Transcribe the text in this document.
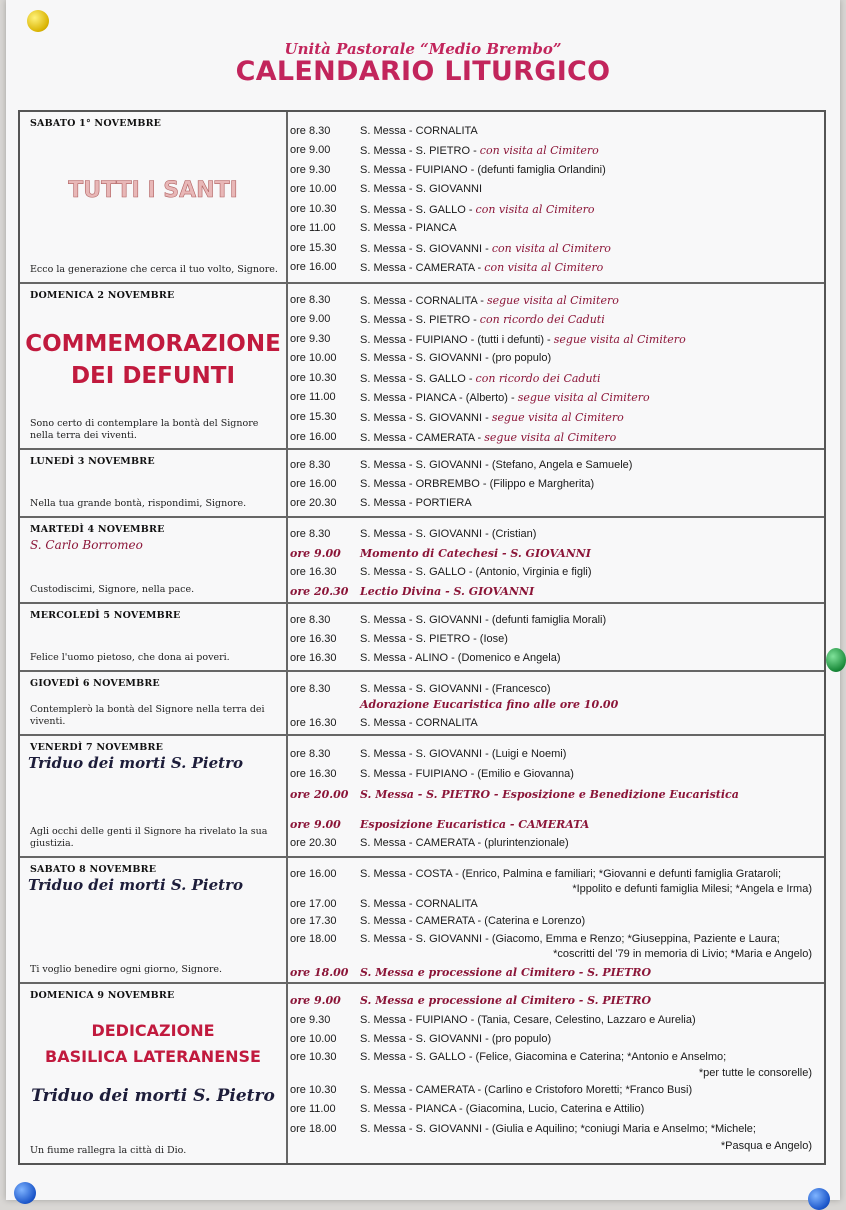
Unità Pastorale “Medio Brembo”
CALENDARIO LITURGICO
SABATO 1° NOVEMBRE
TUTTI I SANTI
Ecco la generazione che cerca il tuo volto, Signore.
ore 8.30	S. Messa - CORNALITA
ore 9.00	S. Messa - S. PIETRO - con visita al Cimitero
ore 9.30	S. Messa - FUIPIANO - (defunti famiglia Orlandini)
ore 10.00 S. Messa - S. GIOVANNI
ore 10.30 S. Messa - S. GALLO - con visita al Cimitero
ore 11.00 S. Messa - PIANCA
ore 15.30 S. Messa - S. GIOVANNI - con visita al Cimitero
ore 16.00 S. Messa - CAMERATA - con visita al Cimitero
DOMENICA 2 NOVEMBRE
COMMEMORAZIONE
DEI DEFUNTI
Sono certo di contemplare la bontà del Signore
nella terra dei viventi.
ore 8.30	S. Messa - CORNALITA - segue visita al Cimitero
ore 9.00	S. Messa - S. PIETRO - con ricordo dei Caduti
ore 9.30	S. Messa - FUIPIANO - (tutti i defunti) - segue visita al Cimitero
ore 10.00 S. Messa - S. GIOVANNI - (pro populo)
ore 10.30 S. Messa - S. GALLO - con ricordo dei Caduti
ore 11.00 S. Messa - PIANCA - (Alberto) - segue visita al Cimitero
ore 15.30 S. Messa - S. GIOVANNI - segue visita al Cimitero
ore 16.00 S. Messa - CAMERATA - segue visita al Cimitero
LUNEDÌ 3 NOVEMBRE
Nella tua grande bontà, rispondimi, Signore.
ore 8.30	S. Messa - S. GIOVANNI - (Stefano, Angela e Samuele)
ore 16.00 S. Messa - ORBREMBO - (Filippo e Margherita)
ore 20.30 S. Messa - PORTIERA
MARTEDÌ 4 NOVEMBRE
S. Carlo Borromeo
Custodiscimi, Signore, nella pace.
ore 8.30	S. Messa - S. GIOVANNI - (Cristian)
ore 9.00 Momento di Catechesi - S. GIOVANNI
ore 16.30 S. Messa - S. GALLO - (Antonio, Virginia e figli)
ore 20.30 Lectio Divina - S. GIOVANNI
MERCOLEDÌ 5 NOVEMBRE
Felice l'uomo pietoso, che dona ai poveri.
ore 8.30	S. Messa - S. GIOVANNI - (defunti famiglia Morali)
ore 16.30 S. Messa - S. PIETRO - (Iose)
ore 16.30 S. Messa - ALINO - (Domenico e Angela)
GIOVEDÌ 6 NOVEMBRE
Contemplerò la bontà del Signore nella terra dei viventi.
ore 8.30	S. Messa - S. GIOVANNI - (Francesco)
Adorazione Eucaristica fino alle ore 10.00
ore 16.30 S. Messa - CORNALITA
VENERDÌ 7 NOVEMBRE
Triduo dei morti S. Pietro
Agli occhi delle genti il Signore ha rivelato la sua giustizia.
ore 8.30	S. Messa - S. GIOVANNI - (Luigi e Noemi)
ore 16.30 S. Messa - FUIPIANO - (Emilio e Giovanna)
ore 20.00 S. Messa - S. PIETRO - Esposizione e Benedizione Eucaristica
ore 9.00 Esposizione Eucaristica - CAMERATA
ore 20.30 S. Messa - CAMERATA - (plurintenzionale)
SABATO 8 NOVEMBRE
Triduo dei morti S. Pietro
Ti voglio benedire ogni giorno, Signore.
ore 16.00 S. Messa - COSTA - (Enrico, Palmina e familiari; *Giovanni e defunti famiglia Grataroli;
*Ippolito e defunti famiglia Milesi; *Angela e Irma)
ore 17.00 S. Messa - CORNALITA
ore 17.30 S. Messa - CAMERATA - (Caterina e Lorenzo)
ore 18.00 S. Messa - S. GIOVANNI - (Giacomo, Emma e Renzo; *Giuseppina, Paziente e Laura;
*coscritti del '79 in memoria di Livio; *Maria e Angelo)
ore 18.00 S. Messa e processione al Cimitero - S. PIETRO
DOMENICA 9 NOVEMBRE
DEDICAZIONE
BASILICA LATERANENSE
Triduo dei morti S. Pietro
Un fiume rallegra la città di Dio.
ore 9.00 S. Messa e processione al Cimitero - S. PIETRO
ore 9.30	S. Messa - FUIPIANO - (Tania, Cesare, Celestino, Lazzaro e Aurelia)
ore 10.00 S. Messa - S. GIOVANNI - (pro populo)
ore 10.30 S. Messa - S. GALLO - (Felice, Giacomina e Caterina; *Antonio e Anselmo;
*per tutte le consorelle)
ore 10.30 S. Messa - CAMERATA - (Carlino e Cristoforo Moretti; *Franco Busi)
ore 11.00 S. Messa - PIANCA - (Giacomina, Lucio, Caterina e Attilio)
ore 18.00 S. Messa - S. GIOVANNI - (Giulia e Aquilino; *coniugi Maria e Anselmo; *Michele;
*Pasqua e Angelo)
